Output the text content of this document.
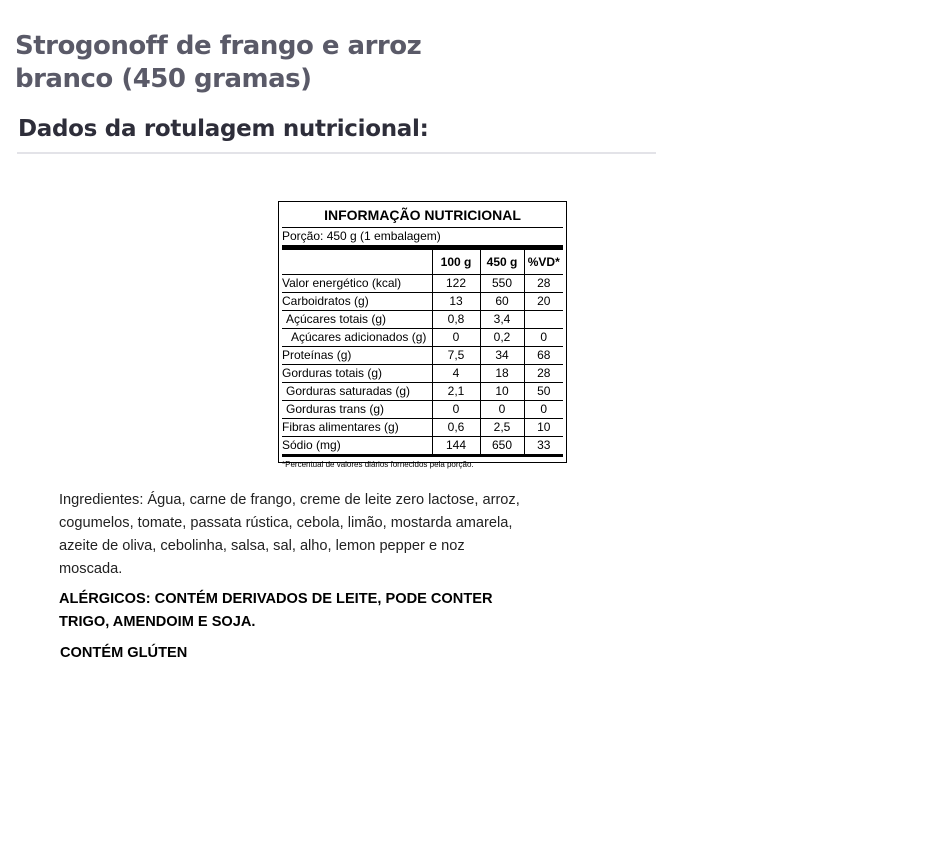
Strogonoff de frango e arroz branco (450 gramas)
Dados da rotulagem nutricional:
INFORMAÇÃO NUTRICIONAL
Porção: 450 g (1 embalagem)
	100 g	450 g	%VD*
Valor energético (kcal)	122	550	28
Carboidratos (g)	13	60	20
Açúcares totais (g)	0,8	3,4	
Açúcares adicionados (g)	0	0,2	0
Proteínas (g)	7,5	34	68
Gorduras totais (g)	4	18	28
Gorduras saturadas (g)	2,1	10	50
Gorduras trans (g)	0	0	0
Fibras alimentares (g)	0,6	2,5	10
Sódio (mg)	144	650	33
*Percentual de valores diários fornecidos pela porção.

Ingredientes: Água, carne de frango, creme de leite zero lactose, arroz, cogumelos, tomate, passata rústica, cebola, limão, mostarda amarela, azeite de oliva, cebolinha, salsa, sal, alho, lemon pepper e noz moscada.

ALÉRGICOS: CONTÉM DERIVADOS DE LEITE, PODE CONTER TRIGO, AMENDOIM E SOJA.

CONTÉM GLÚTEN
